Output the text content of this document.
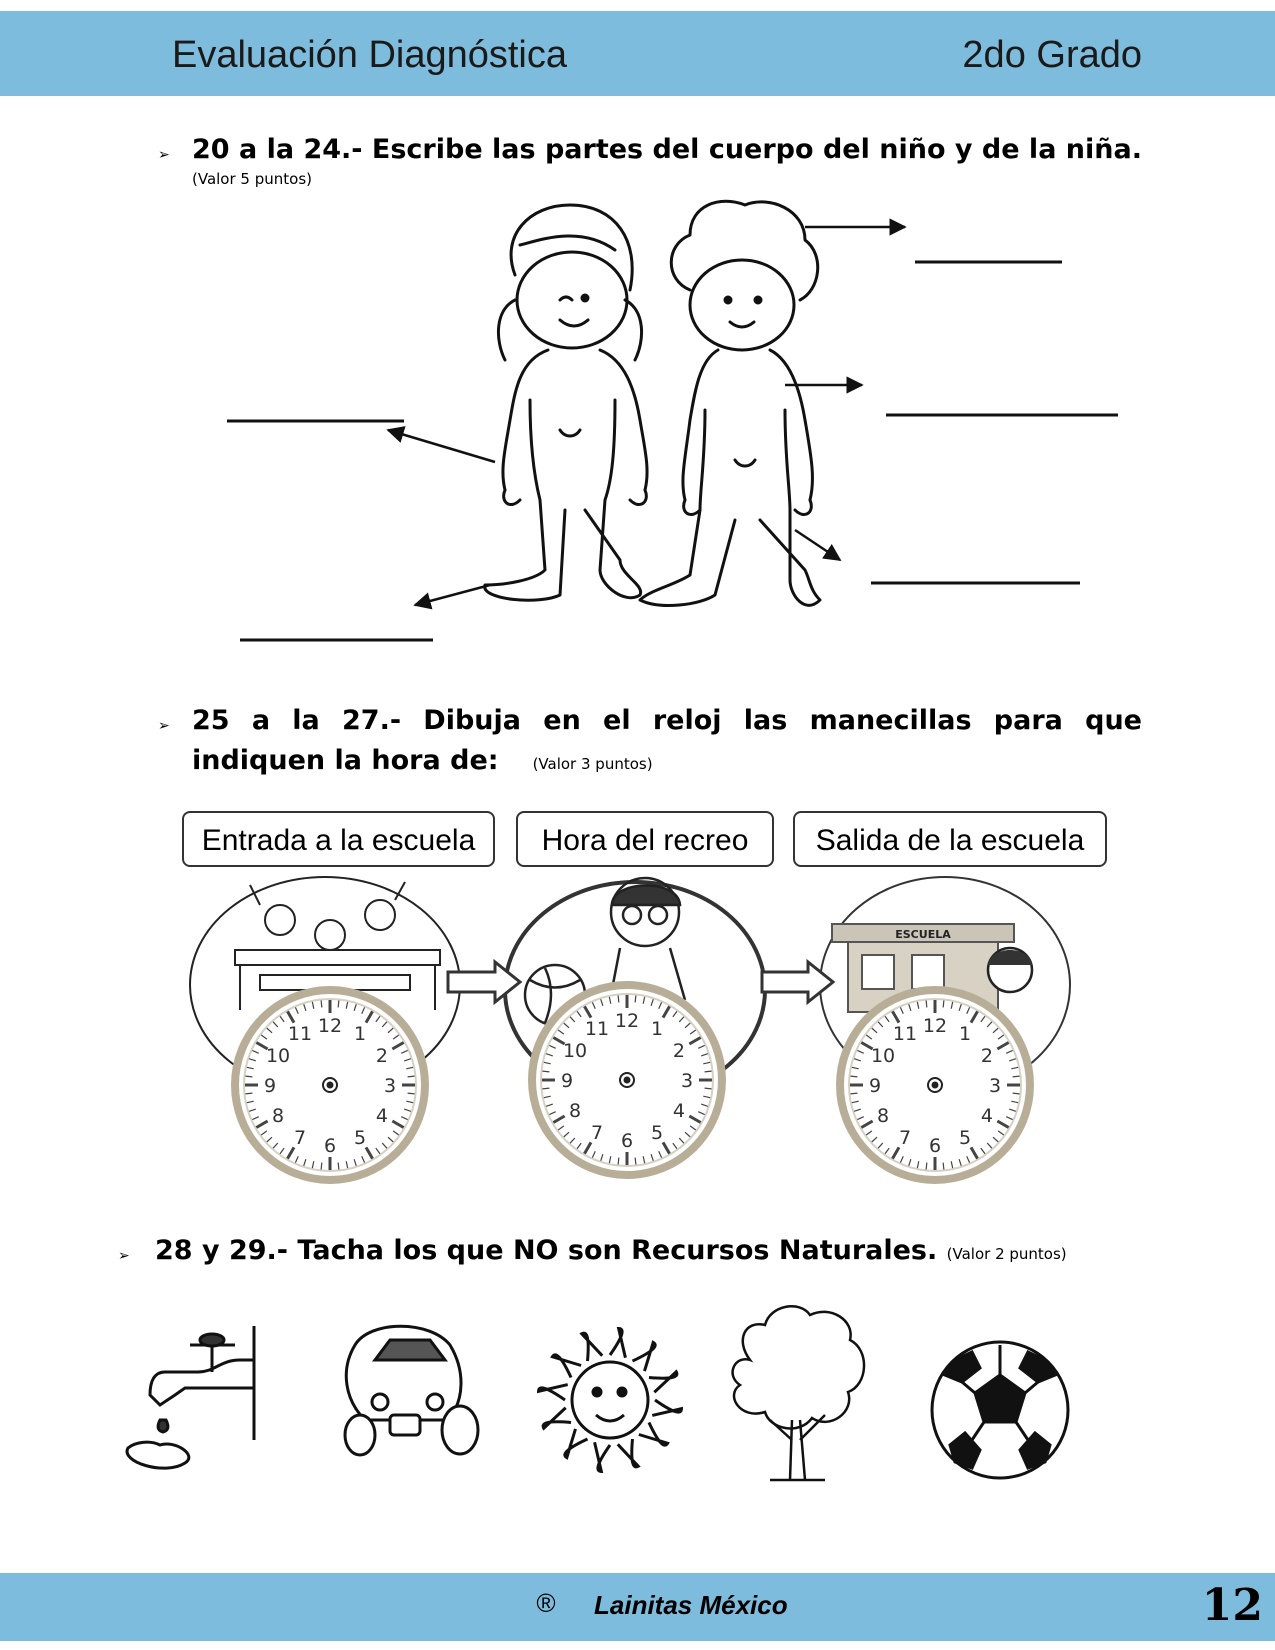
Evaluación Diagnóstica	2do Grado
➢ 20 a la 24.- Escribe las partes del cuerpo del niño y de la niña.
(Valor 5 puntos)
➢ 25 a la 27.- Dibuja en el reloj las manecillas para que indiquen la hora de: (Valor 3 puntos)
Entrada a la escuela	Hora del recreo	Salida de la escuela
➢ 28 y 29.- Tacha los que NO son Recursos Naturales. (Valor 2 puntos)
ESCUELA
12 1
2
3
4
5
6
7
8
9
10
11
12 1
2
3
4
5
6
7
8
9
10
11	12 1
2
3
4
5
6
7
8
9
10
11
® Lainitas México	12
